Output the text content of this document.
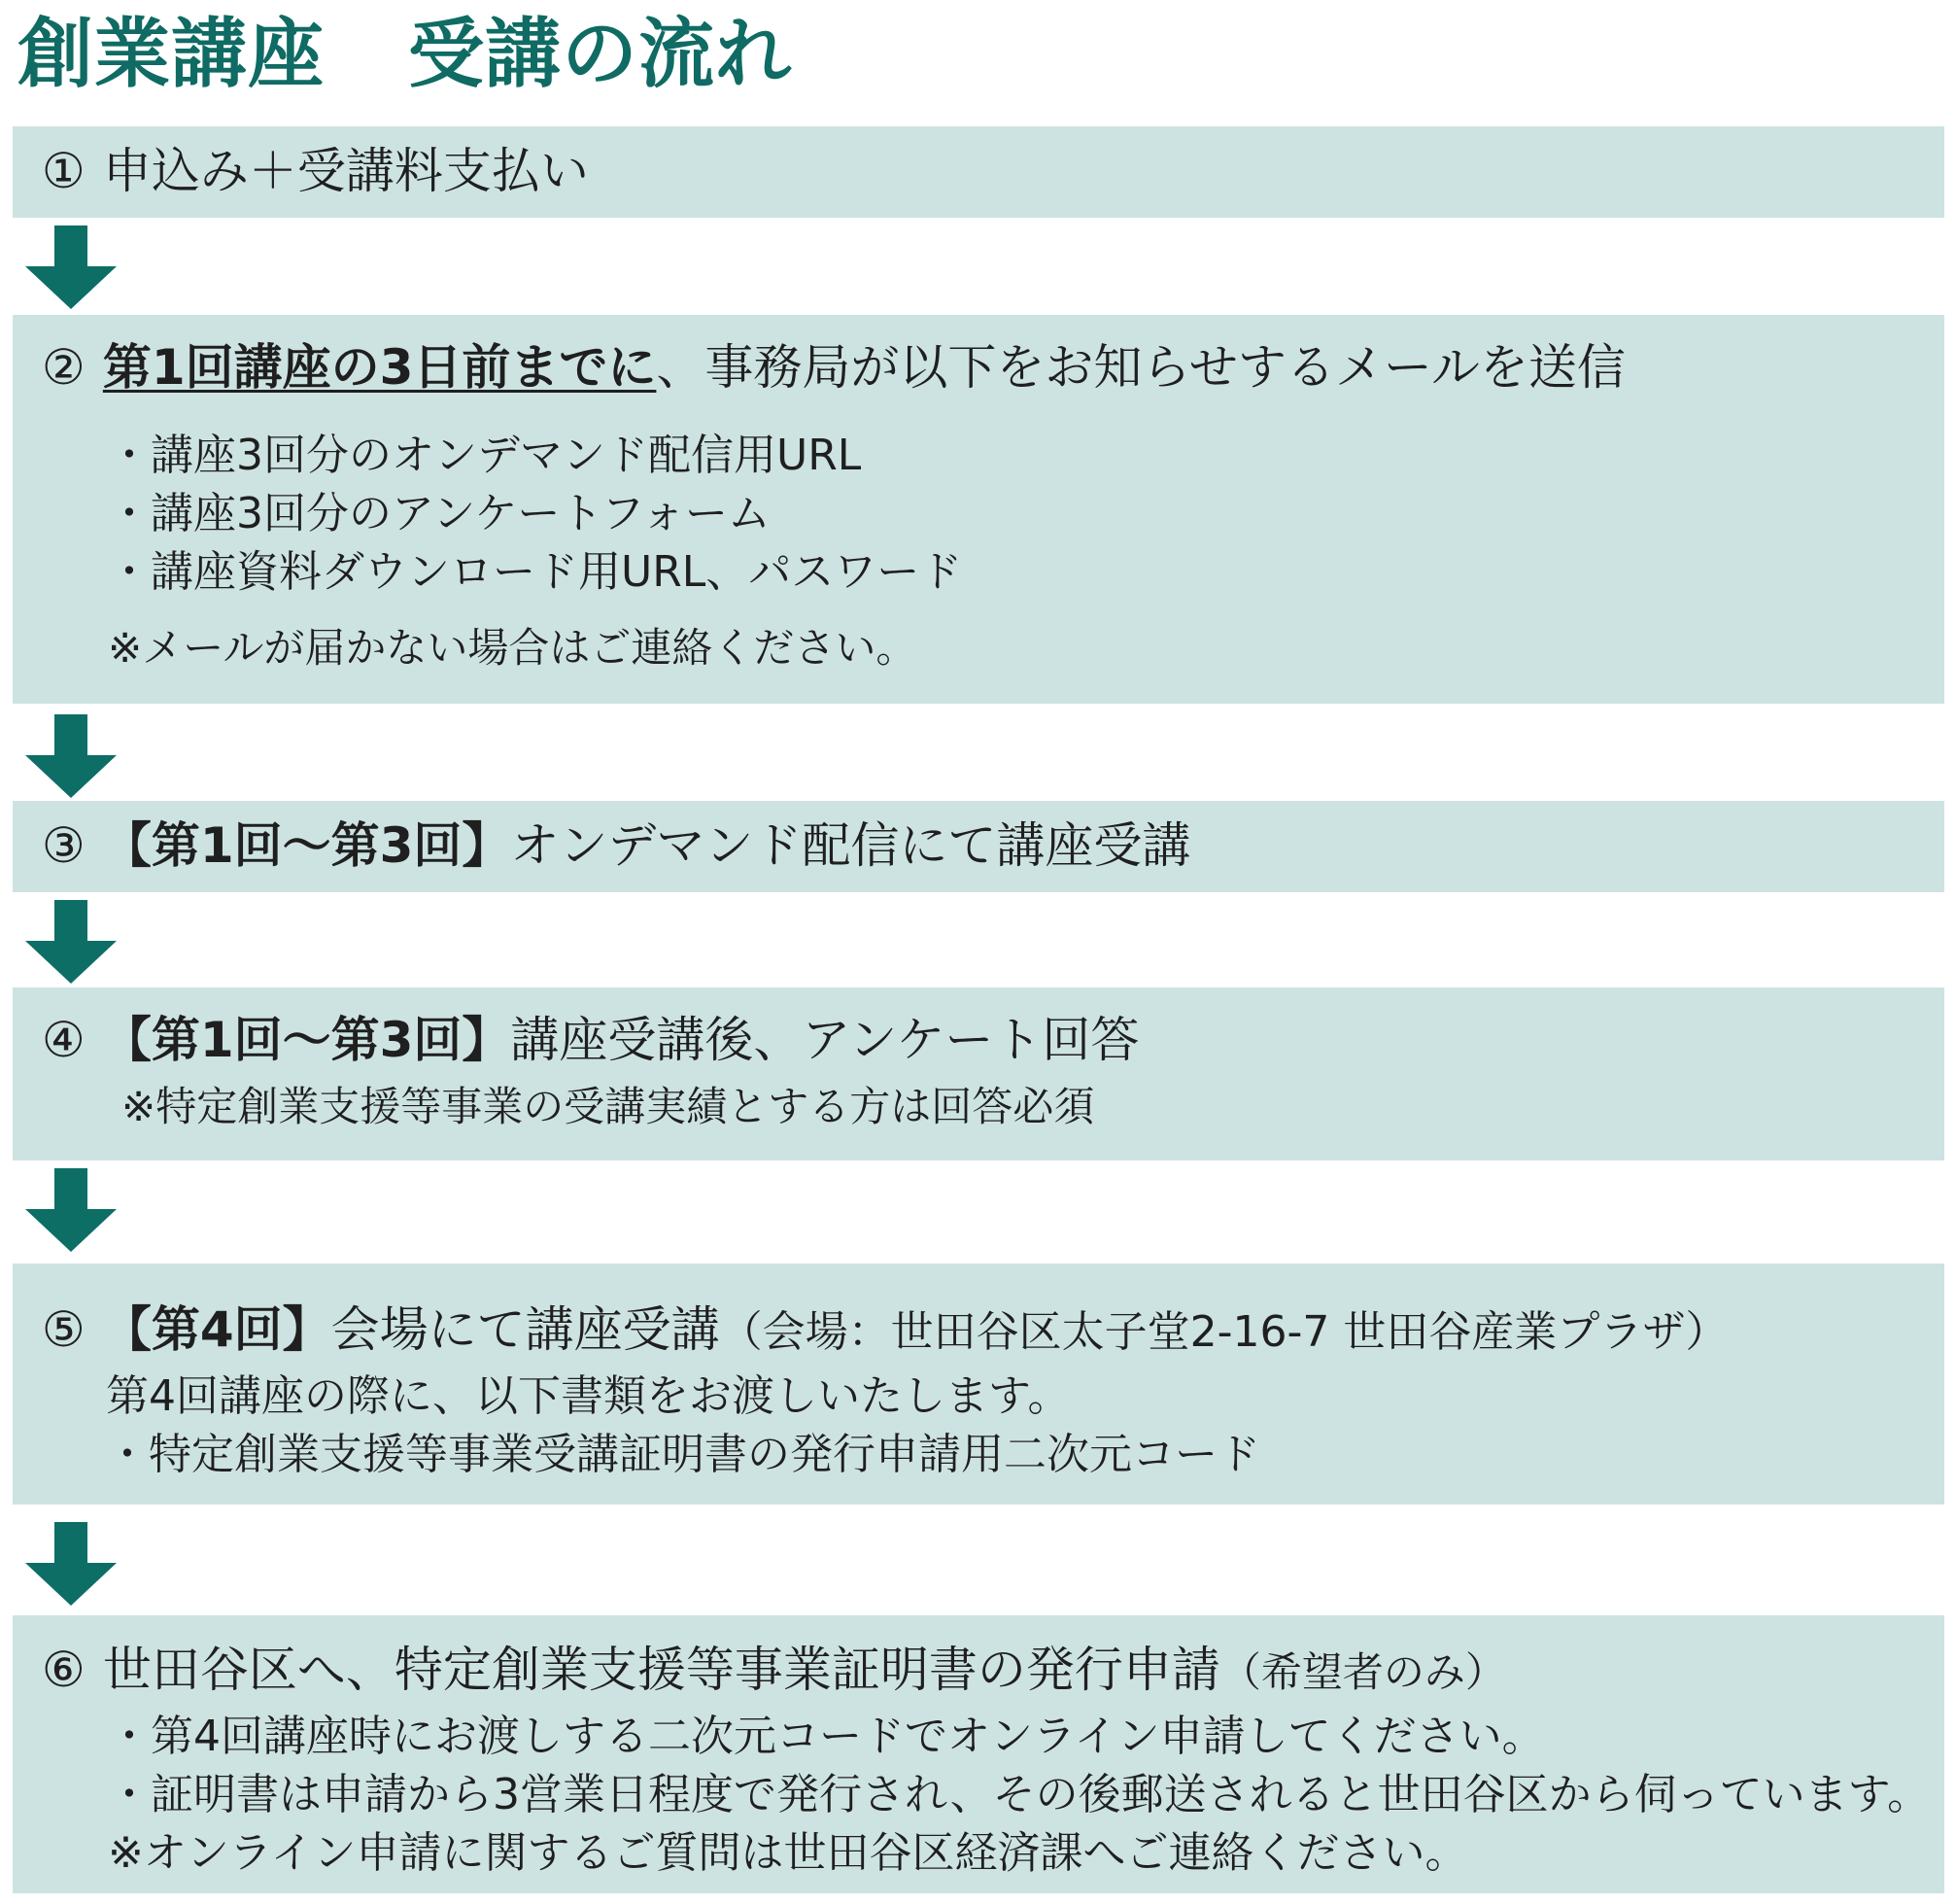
創業講座 受講の流れ
① 申込み＋受講料支払い
② 第1回講座の3日前までに、事務局が以下をお知らせするメールを送信
・講座3回分のオンデマンド配信用URL
・講座3回分のアンケートフォーム
・講座資料ダウンロード用URL、パスワード
※メールが届かない場合はご連絡ください。
③ 【第1回～第3回】オンデマンド配信にて講座受講
④ 【第1回～第3回】講座受講後、アンケート回答
※特定創業支援等事業の受講実績とする方は回答必須
⑤ 【第4回】会場にて講座受講（会場：世田谷区太子堂2-16-7 世田谷産業プラザ）
第4回講座の際に、以下書類をお渡しいたします。
・特定創業支援等事業受講証明書の発行申請用二次元コード
⑥ 世田谷区へ、特定創業支援等事業証明書の発行申請（希望者のみ）
・第4回講座時にお渡しする二次元コードでオンライン申請してください。
・証明書は申請から3営業日程度で発行され、その後郵送されると世田谷区から伺っています。
※オンライン申請に関するご質問は世田谷区経済課へご連絡ください。
